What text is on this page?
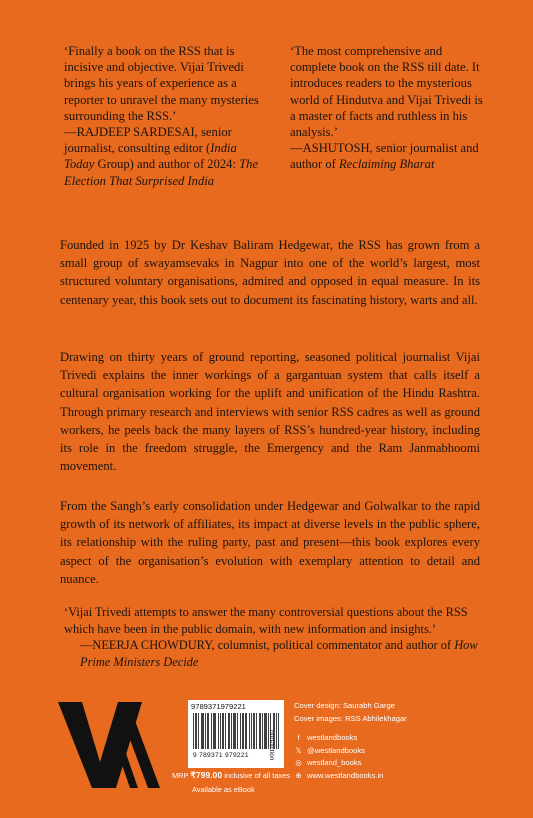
‘Finally a book on the RSS that is incisive and objective. Vijai Trivedi brings his years of experience as a reporter to unravel the many mysteries surrounding the RSS.’

—RAJDEEP SARDESAI, senior journalist, consulting editor (India Today Group) and author of 2024: The Election That Surprised India

‘The most comprehensive and complete book on the RSS till date. It introduces readers to the mysterious world of Hindutva and Vijai Trivedi is a master of facts and ruthless in his analysis.’

—ASHUTOSH, senior journalist and author of Reclaiming Bharat

Founded in 1925 by Dr Keshav Baliram Hedgewar, the RSS has grown from a small group of swayamsevaks in Nagpur into one of the world’s largest, most structured voluntary organisations, admired and opposed in equal measure. In its centenary year, this book sets out to document its fascinating history, warts and all.

Drawing on thirty years of ground reporting, seasoned political journalist Vijai Trivedi explains the inner workings of a gargantuan system that calls itself a cultural organisation working for the uplift and unification of the Hindu Rashtra. Through primary research and interviews with senior RSS cadres as well as ground workers, he peels back the many layers of RSS’s hundred-year history, including its role in the freedom struggle, the Emergency and the Ram Janmabhoomi movement.

From the Sangh’s early consolidation under Hedgewar and Golwalkar to the rapid growth of its network of affiliates, its impact at diverse levels in the public sphere, its relationship with the ruling party, past and present—this book explores every aspect of the organisation’s evolution with exemplary attention to detail and nuance.

‘Vijai Trivedi attempts to answer the many controversial questions about the RSS which have been in the public domain, with new information and insights.’

—NEERJA CHOWDURY, columnist, political commentator and author of How Prime Ministers Decide

9789371979221
9 789371 979221	non-fiction
MRP ₹799.00 inclusive of all taxes
Available as eBook
Cover design: Saurabh Garge
Cover images: RSS Abhilekhagar
f westlandbooks
𝕏 @westlandbooks
◎ westland_books
⊕ www.westlandbooks.in
